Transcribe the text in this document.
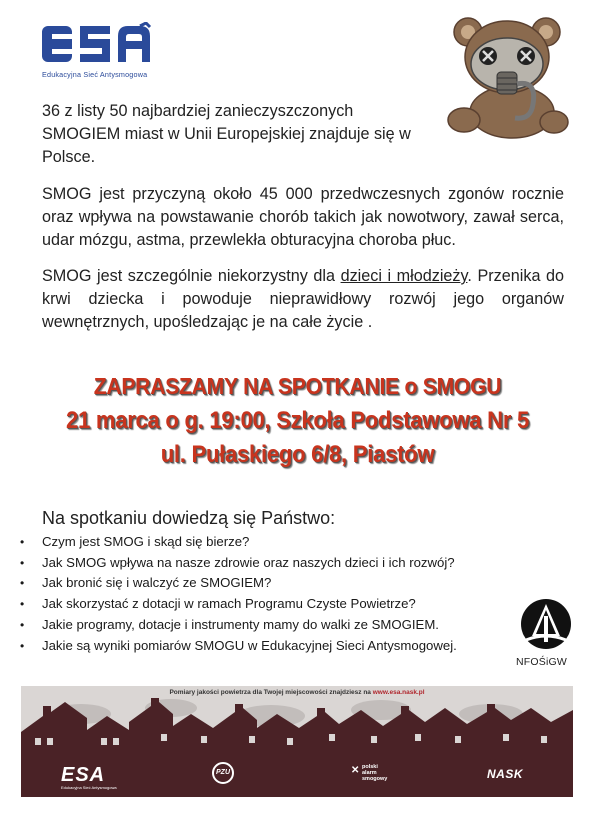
Edukacyjna Sieć Antysmogowa

36 z listy 50 najbardziej zanieczyszczonych SMOGIEM miast w Unii Europejskiej znajduje się w Polsce.

SMOG jest przyczyną około 45 000 przedwczesnych zgonów rocznie oraz wpływa na powstawanie chorób takich jak nowotwory, zawał serca, udar mózgu, astma, przewlekła obturacyjna choroba płuc.

SMOG jest szczególnie niekorzystny dla dzieci i młodzieży. Przenika do krwi dziecka i powoduje nieprawidłowy rozwój jego organów wewnętrznych, upośledzając je na całe życie .

ZAPRASZAMY NA SPOTKANIE o SMOGU
21 marca o g. 19:00, Szkoła Podstawowa Nr 5
ul. Pułaskiego 6/8, Piastów
Na spotkaniu dowiedzą się Państwo:
• Czym jest SMOG i skąd się bierze?
• Jak SMOG wpływa na nasze zdrowie oraz naszych dzieci i ich rozwój?
• Jak bronić się i walczyć ze SMOGIEM?
• Jak skorzystać z dotacji w ramach Programu Czyste Powietrze?
• Jakie programy, dotacje i instrumenty mamy do walki ze SMOGIEM.
• Jakie są wyniki pomiarów SMOGU w Edukacyjnej Sieci Antysmogowej.
NFOŚiGW
Pomiary jakości powietrza dla Twojej miejscowości znajdziesz na www.esa.nask.pl
ESA
Edukacyjna Sieć Antysmogowa
PZU	✕ polski
alarm
smogowy	NASK
